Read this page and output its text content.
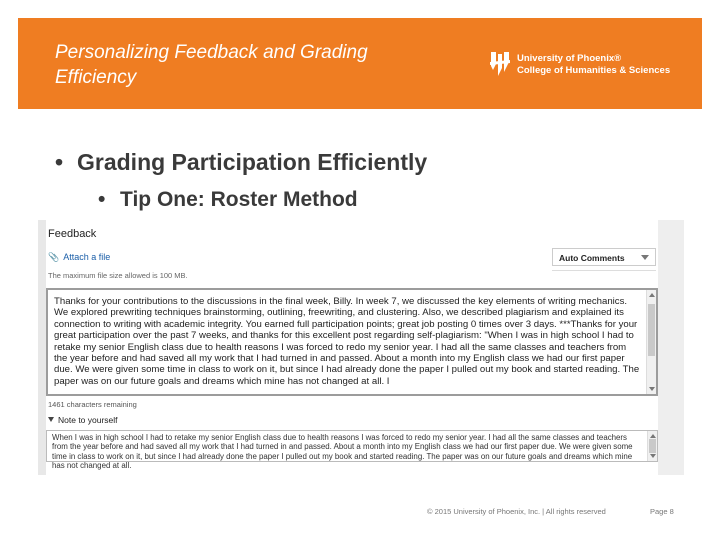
Personalizing Feedback and Grading Efficiency
University of Phoenix®
College of Humanities & Sciences
• Grading Participation Efficiently
• Tip One: Roster Method
Feedback
📎 Attach a file
The maximum file size allowed is 100 MB.
Auto Comments
Thanks for your contributions to the discussions in the final week, Billy. In week 7, we discussed the key elements of writing mechanics. We explored prewriting techniques brainstorming, outlining, freewriting, and clustering. Also, we described plagiarism and explained its connection to writing with academic integrity. You earned full participation points; great job posting 0 times over 3 days. ***Thanks for your great participation over the past 7 weeks, and thanks for this excellent post regarding self-plagiarism: "When I was in high school I had to retake my senior English class due to health reasons I was forced to redo my senior year. I had all the same classes and teachers from the year before and had saved all my work that I had turned in and passed. About a month into my English class we had our first paper due. We were given some time in class to work on it, but since I had already done the paper I pulled out my book and started reading. The paper was on our future goals and dreams which mine has not changed at all. I
1461 characters remaining
Note to yourself
When I was in high school I had to retake my senior English class due to health reasons I was forced to redo my senior year. I had all the same classes and teachers from the year before and had saved all my work that I had turned in and passed. About a month into my English class we had our first paper due. We were given some time in class to work on it, but since I had already done the paper I pulled out my book and started reading. The paper was on our future goals and dreams which mine has not changed at all.
© 2015 University of Phoenix, Inc. | All rights reserved	Page 8
